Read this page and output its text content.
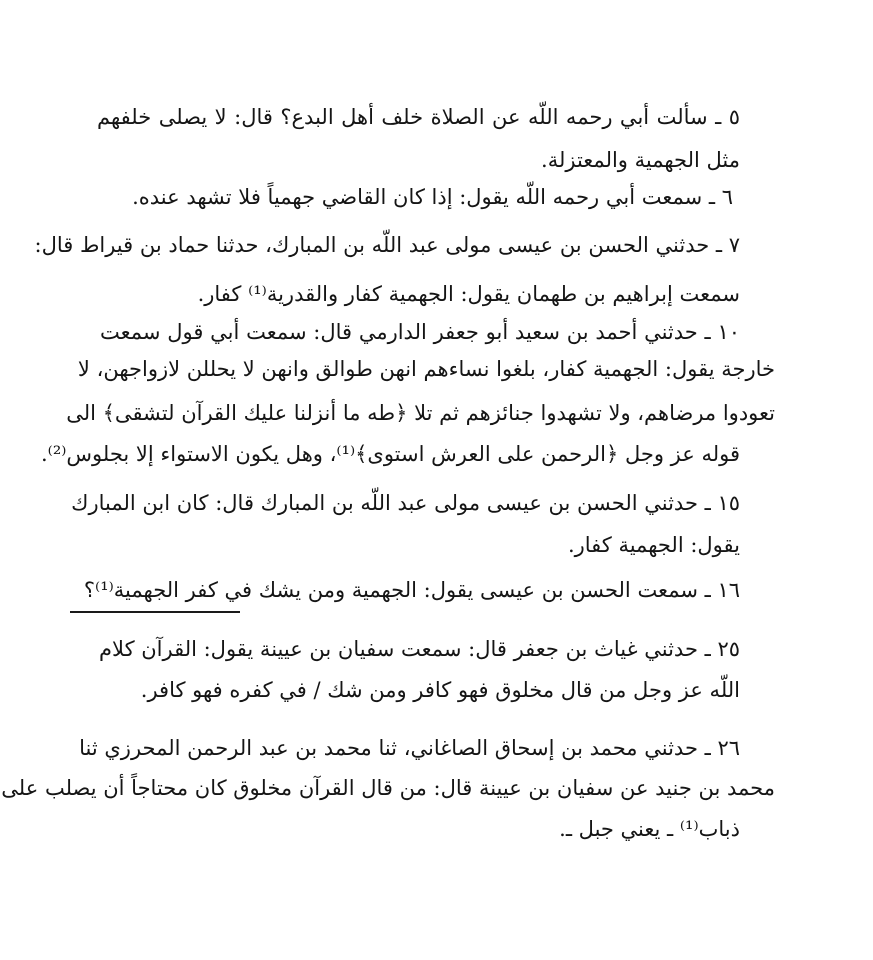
٥ ـ سألت أبي رحمه اللّه عن الصلاة خلف أهل البدع؟ قال: لا يصلى خلفهم
مثل الجهمية والمعتزلة.
٦ ـ سمعت أبي رحمه اللّه يقول: إذا كان القاضي جهمياً فلا تشهد عنده.
٧ ـ حدثني الحسن بن عيسى مولى عبد اللّه بن المبارك، حدثنا حماد بن قيراط قال:
سمعت إبراهيم بن طهمان يقول: الجهمية كفار والقدرية⁽¹⁾ كفار.
١٠ ـ حدثني أحمد بن سعيد أبو جعفر الدارمي قال: سمعت أبي قول سمعت
خارجة يقول: الجهمية كفار، بلغوا نساءهم انهن طوالق وانهن لا يحللن لازواجهن، لا
تعودوا مرضاهم، ولا تشهدوا جنائزهم ثم تلا ﴿طه ما أنزلنا عليك القرآن لتشقى﴾ الى
قوله عز وجل ﴿الرحمن على العرش استوى﴾⁽¹⁾، وهل يكون الاستواء إلا بجلوس⁽²⁾.
١٥ ـ حدثني الحسن بن عيسى مولى عبد اللّه بن المبارك قال: كان ابن المبارك
يقول: الجهمية كفار.
١٦ ـ سمعت الحسن بن عيسى يقول: الجهمية ومن يشك في كفر الجهمية⁽¹⁾؟
٢٥ ـ حدثني غياث بن جعفر قال: سمعت سفيان بن عيينة يقول: القرآن كلام
اللّه عز وجل من قال مخلوق فهو كافر ومن شك / في كفره فهو كافر.
٢٦ ـ حدثني محمد بن إسحاق الصاغاني، ثنا محمد بن عبد الرحمن المحرزي ثنا
محمد بن جنيد عن سفيان بن عيينة قال: من قال القرآن مخلوق كان محتاجاً أن يصلب على
ذباب⁽¹⁾ ـ يعني جبل ـ.
